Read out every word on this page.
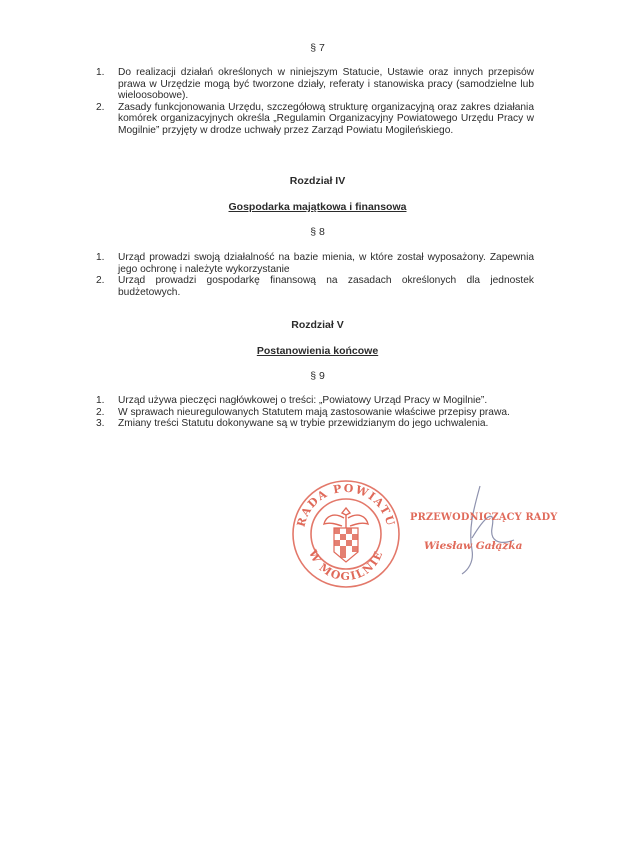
§ 7
1.	Do realizacji działań określonych w niniejszym Statucie, Ustawie oraz innych przepisów prawa w Urzędzie mogą być tworzone działy, referaty i stanowiska pracy (samodzielne lub wieloosobowe).
2.	Zasady funkcjonowania Urzędu, szczegółową strukturę organizacyjną oraz zakres działania komórek organizacyjnych określa „Regulamin Organizacyjny Powiatowego Urzędu Pracy w Mogilnie” przyjęty w drodze uchwały przez Zarząd Powiatu Mogileńskiego.
Rozdział IV
Gospodarka majątkowa i finansowa
§ 8
1.	Urząd prowadzi swoją działalność na bazie mienia, w które został wyposażony. Zapewnia jego ochronę i należyte wykorzystanie
2.	Urząd prowadzi gospodarkę finansową na zasadach określonych dla jednostek budżetowych.
Rozdział V
Postanowienia końcowe
§ 9
1.	Urząd używa pieczęci nagłówkowej o treści: „Powiatowy Urząd Pracy w Mogilnie”.
2.	W sprawach nieuregulowanych Statutem mają zastosowanie właściwe przepisy prawa.
3.	Zmiany treści Statutu dokonywane są w trybie przewidzianym do jego uchwalenia.
RADA POWIATU
W MOGILNIE
PRZEWODNICZĄCY RADY
Wiesław Gałązka
